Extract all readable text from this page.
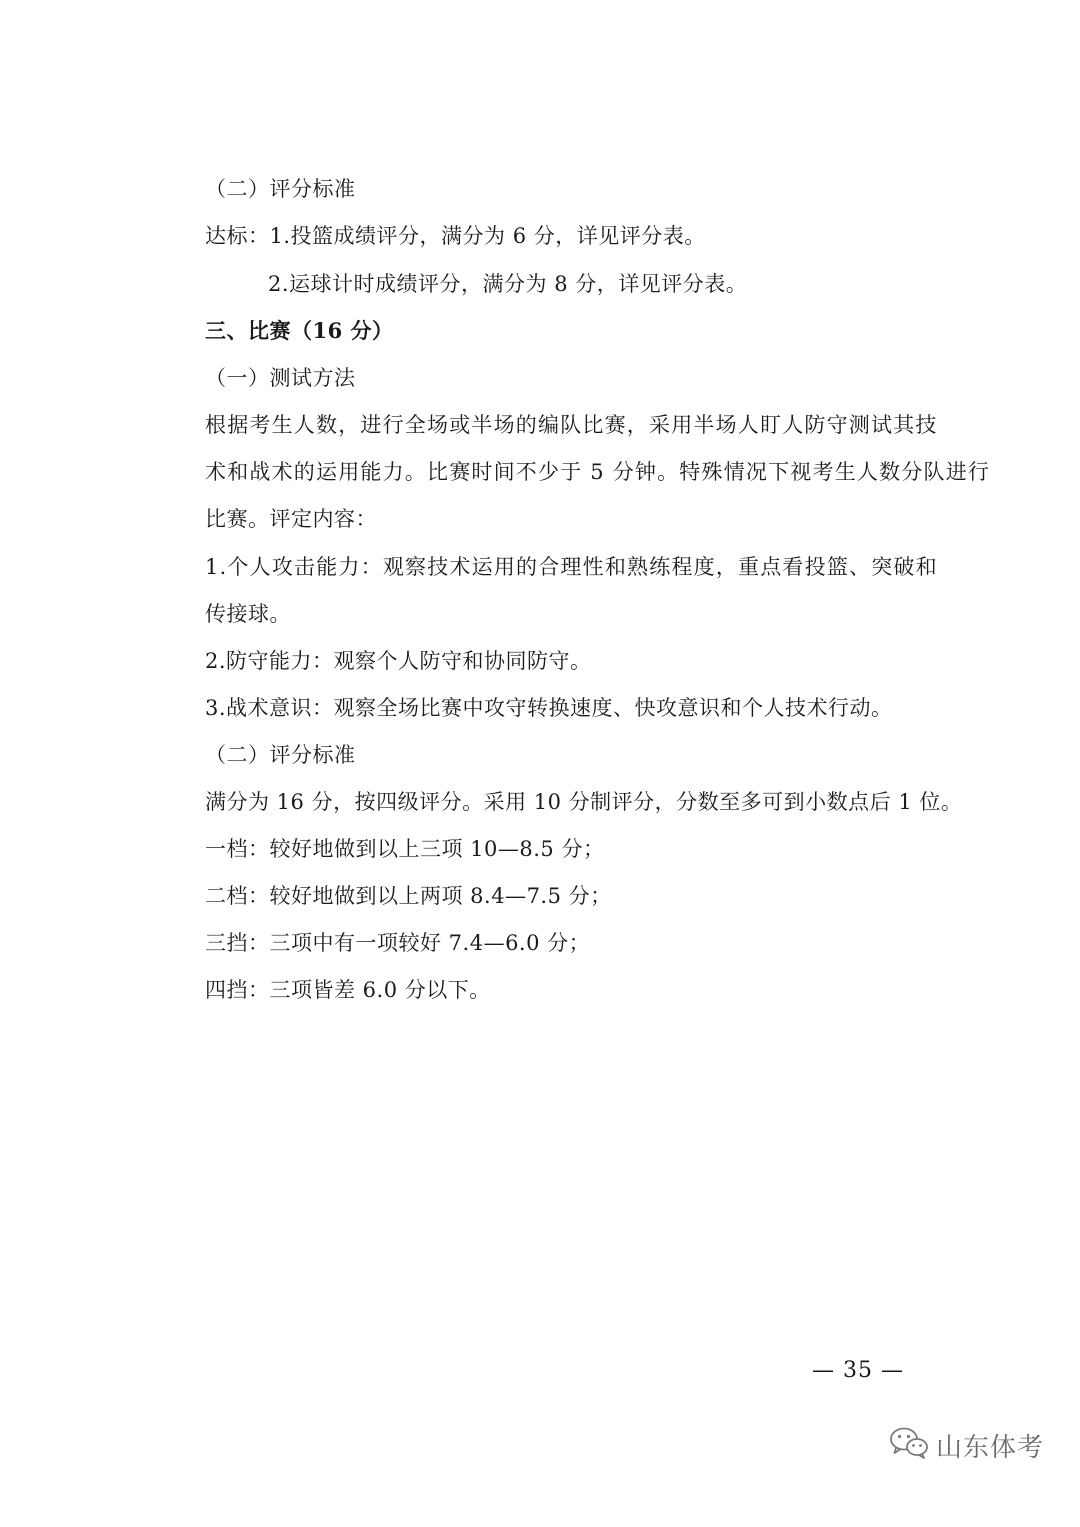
（二）评分标准
达标：1.投篮成绩评分，满分为 6 分，详见评分表。
2.运球计时成绩评分，满分为 8 分，详见评分表。
三、比赛（16 分）
（一）测试方法
根据考生人数，进行全场或半场的编队比赛，采用半场人盯人防守测试其技
术和战术的运用能力。比赛时间不少于 5 分钟。特殊情况下视考生人数分队进行
比赛。评定内容：
1.个人攻击能力：观察技术运用的合理性和熟练程度，重点看投篮、突破和
传接球。
2.防守能力：观察个人防守和协同防守。
3.战术意识：观察全场比赛中攻守转换速度、快攻意识和个人技术行动。
（二）评分标准
满分为 16 分，按四级评分。采用 10 分制评分，分数至多可到小数点后 1 位。
一档：较好地做到以上三项 10—8.5 分；
二档：较好地做到以上两项 8.4—7.5 分；
三挡：三项中有一项较好 7.4—6.0 分；
四挡：三项皆差 6.0 分以下。
— 35 —
山东体考
